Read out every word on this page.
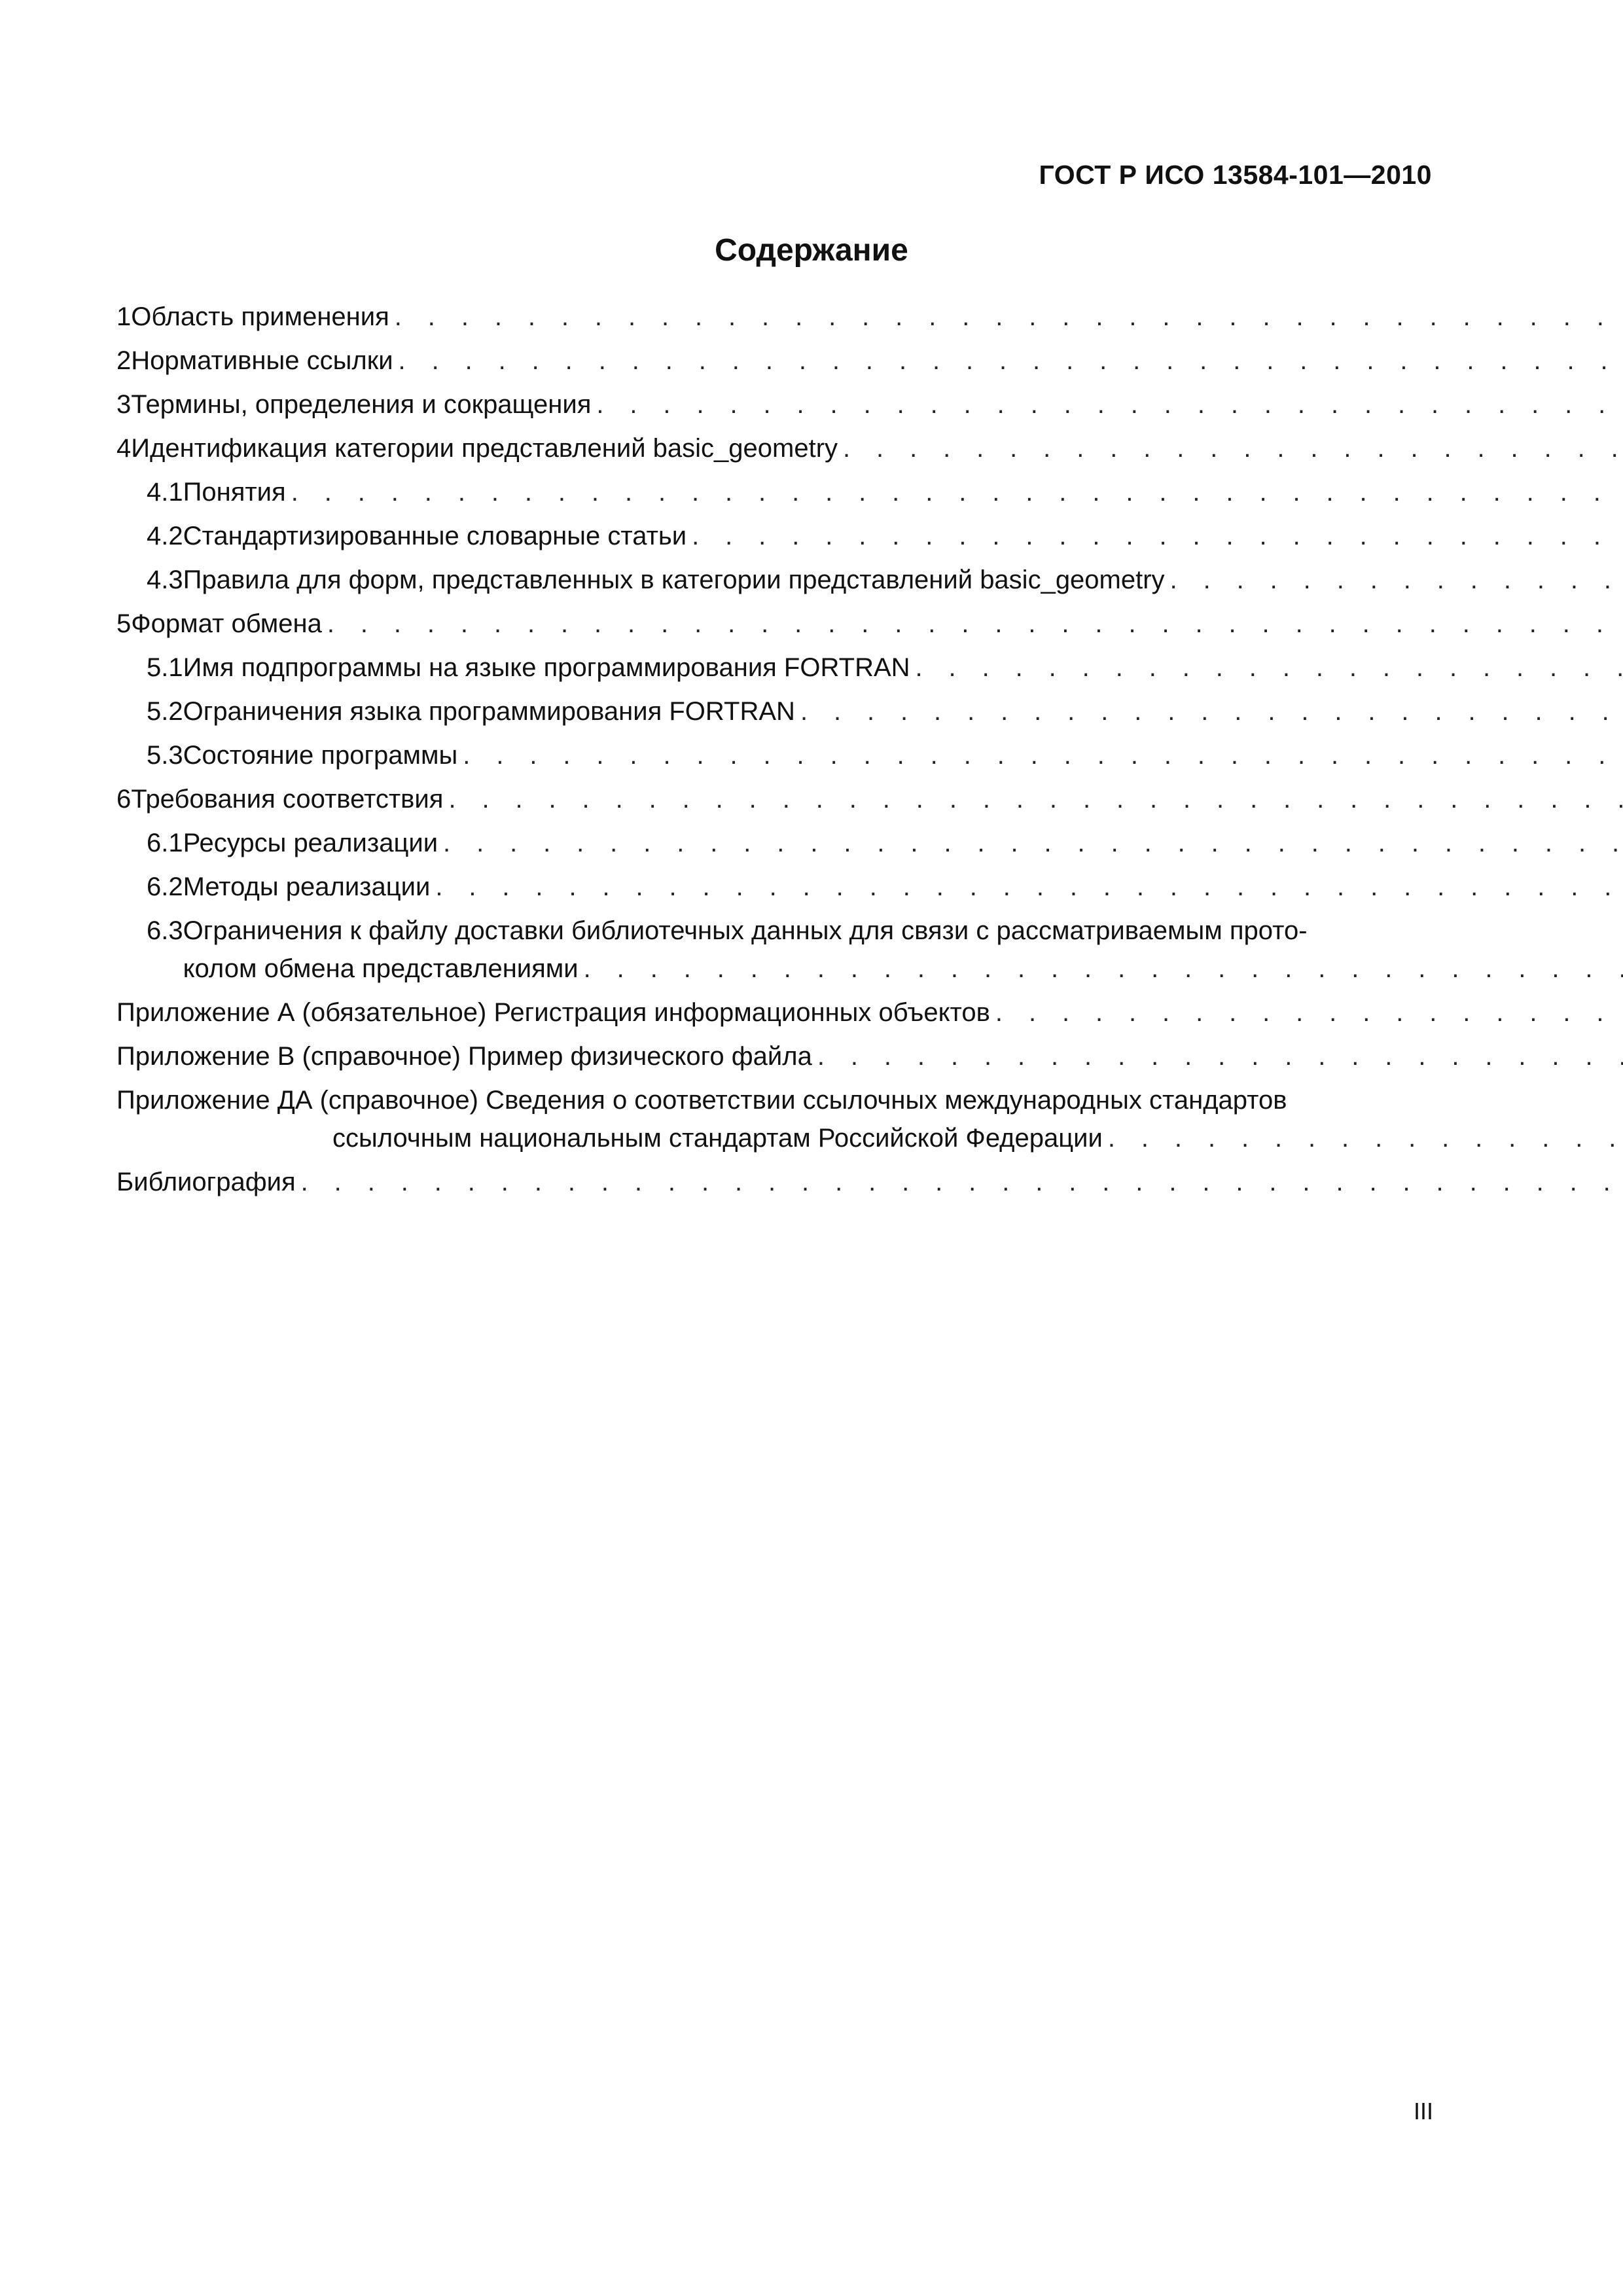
ГОСТ Р ИСО 13584-101—2010
Содержание
1 Область применения
. . .
2 Нормативные ссылки
. . .
3 Термины, определения и сокращения
. . .
4 Идентификация категории представлений basic_geometry
. . .
4.1 Понятия
. . .
4.2 Стандартизированные словарные статьи
. . .
4.3 Правила для форм, представленных в категории представлений basic_geometry
. . .
5 Формат обмена
. . .
5.1 Имя подпрограммы на языке программирования FORTRAN
. . .
5.2 Ограничения языка программирования FORTRAN
. . .
5.3 Состояние программы
. . .
6 Требования соответствия
. . .
6.1 Ресурсы реализации
. . .
6.2 Методы реализации
. . .
6.3 Ограничения к файлу доставки библиотечных данных для связи с рассматриваемым прото-
колом обмена представлениями
. . .
Приложение А (обязательное) Регистрация информационных объектов
. . .
Приложение В (справочное) Пример физического файла
. . .
Приложение ДА (справочное) Сведения о соответствии ссылочных международных стандартов
ссылочным национальным стандартам Российской Федерации
. . .
Библиография
. . .
III
